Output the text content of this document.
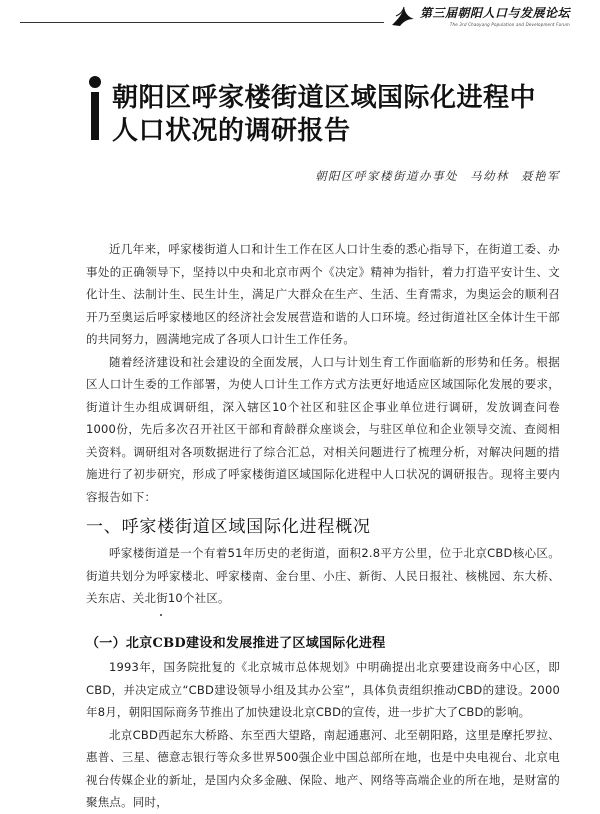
第三届朝阳人口与发展论坛
The 3rd Chaoyang Population and Development Forum
朝阳区呼家楼街道区域国际化进程中
人口状况的调研报告
朝阳区呼家楼街道办事处 马幼林 聂艳军

近几年来，呼家楼街道人口和计生工作在区人口计生委的悉心指导下，在街道工委、办事处的正确领导下，坚持以中央和北京市两个《决定》精神为指针，着力打造平安计生、文化计生、法制计生、民生计生，满足广大群众在生产、生活、生育需求，为奥运会的顺利召开乃至奥运后呼家楼地区的经济社会发展营造和谐的人口环境。经过街道社区全体计生干部的共同努力，圆满地完成了各项人口计生工作任务。

随着经济建设和社会建设的全面发展，人口与计划生育工作面临新的形势和任务。根据区人口计生委的工作部署，为使人口计生工作方式方法更好地适应区域国际化发展的要求，街道计生办组成调研组，深入辖区10个社区和驻区企事业单位进行调研，发放调查问卷1000份，先后多次召开社区干部和育龄群众座谈会，与驻区单位和企业领导交流、查阅相关资料。调研组对各项数据进行了综合汇总，对相关问题进行了梳理分析，对解决问题的措施进行了初步研究，形成了呼家楼街道区域国际化进程中人口状况的调研报告。现将主要内容报告如下：

一、呼家楼街道区域国际化进程概况

呼家楼街道是一个有着51年历史的老街道，面积2.8平方公里，位于北京CBD核心区。街道共划分为呼家楼北、呼家楼南、金台里、小庄、新街、人民日报社、核桃园、东大桥、关东店、关北街10个社区。

（一）北京CBD建设和发展推进了区域国际化进程

1993年，国务院批复的《北京城市总体规划》中明确提出北京要建设商务中心区，即CBD，并决定成立“CBD建设领导小组及其办公室”，具体负责组织推动CBD的建设。2000年8月，朝阳国际商务节推出了加快建设北京CBD的宣传，进一步扩大了CBD的影响。

北京CBD西起东大桥路、东至西大望路，南起通惠河、北至朝阳路，这里是摩托罗拉、惠普、三星、德意志银行等众多世界500强企业中国总部所在地，也是中央电视台、北京电视台传媒企业的新址，是国内众多金融、保险、地产、网络等高端企业的所在地，是财富的聚焦点。同时，
